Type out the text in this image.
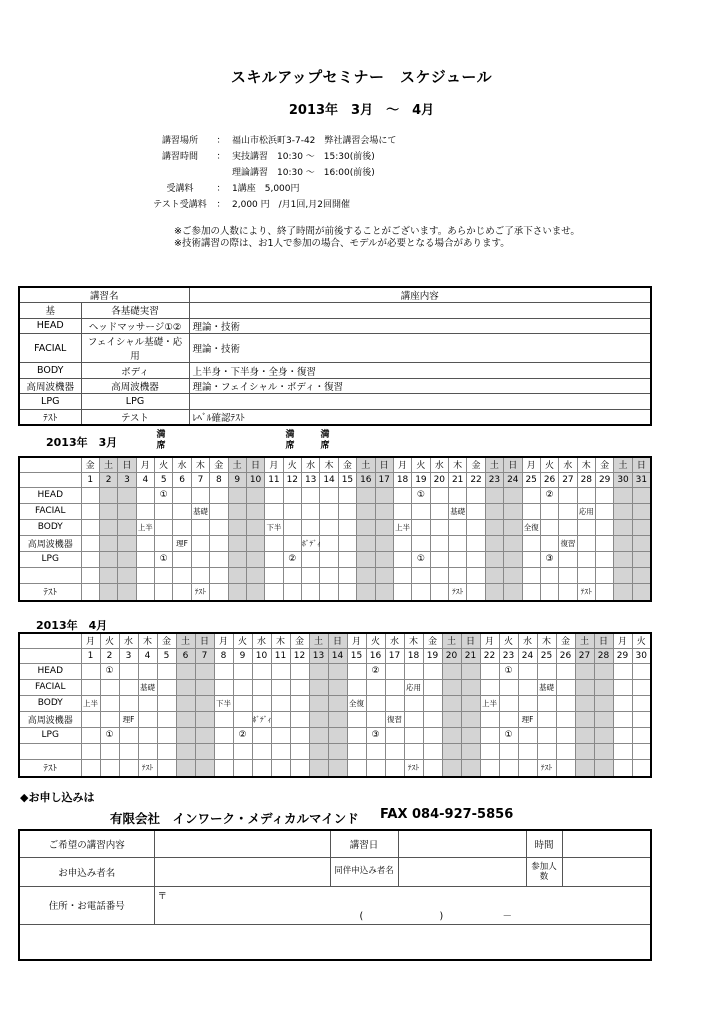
スキルアップセミナー　スケジュール
2013年　3月　～　4月
講習場所	： 福山市松浜町3-7-42　弊社講習会場にて
講習時間	： 実技講習　10:30 ～　15:30(前後)
理論講習　10:30 ～　16:00(前後)
受講料	： 1講座　5,000円
テスト受講料	： 2,000 円　/月1回,月2回開催
※ご参加の人数により、終了時間が前後することがございます。あらかじめご了承下さいませ。
※技術講習の際は、お1人で参加の場合、モデルが必要となる場合があります。
講習名		講座内容
基	各基礎実習	
HEAD	ヘッドマッサージ①②	理論・技術
FACIAL	フェイシャル基礎・応用	理論・技術
BODY	ボディ	上半身・下半身・全身・復習
高周波機器	高周波機器	理論・フェイシャル・ボディ・復習
LPG	LPG	
ﾃｽﾄ	テスト	ﾚﾍﾞﾙ確認ﾃｽﾄ
2013年　3月
満
席
満
席
満
席
	金	土	日	月	火	水	木	金	土	日	月	火	水	木	金	土	日	月	火	水	木	金	土	日	月	火	水	木	金	土	日
	1	2	3	4	5	6	7	8	9	10	11	12	13	14	15	16	17	18	19	20	21	22	23	24	25	26	27	28	29	30	31
HEAD					①														①							②					
FACIAL							基礎														基礎							応用			
BODY				上半							下半							上半							全復						
高周波機器						理F							ﾎﾞﾃﾞｨ														復習				
LPG					①							②							①							③					

ﾃｽﾄ							ﾃｽﾄ														ﾃｽﾄ							ﾃｽﾄ			
2013年　4月
	月	火	水	木	金	土	日	月	火	水	木	金	土	日	月	火	水	木	金	土	日	月	火	水	木	金	土	日	月	火
	1	2	3	4	5	6	7	8	9	10	11	12	13	14	15	16	17	18	19	20	21	22	23	24	25	26	27	28	29	30
HEAD		①														②							①							
FACIAL				基礎														応用							基礎					
BODY	上半							下半							全復							上半								
高周波機器			理F							ﾎﾞﾃﾞｨ							復習							理F						
LPG		①							②							③							①							

ﾃｽﾄ				ﾃｽﾄ														ﾃｽﾄ							ﾃｽﾄ					
◆お申し込みは
有限会社　インワーク・メディカルマインド FAX 084-927-5856
ご希望の講習内容		講習日		時間	
お申込み者名		同伴申込み者名		参加人数	
住所・お電話番号	〒
( ) －				
